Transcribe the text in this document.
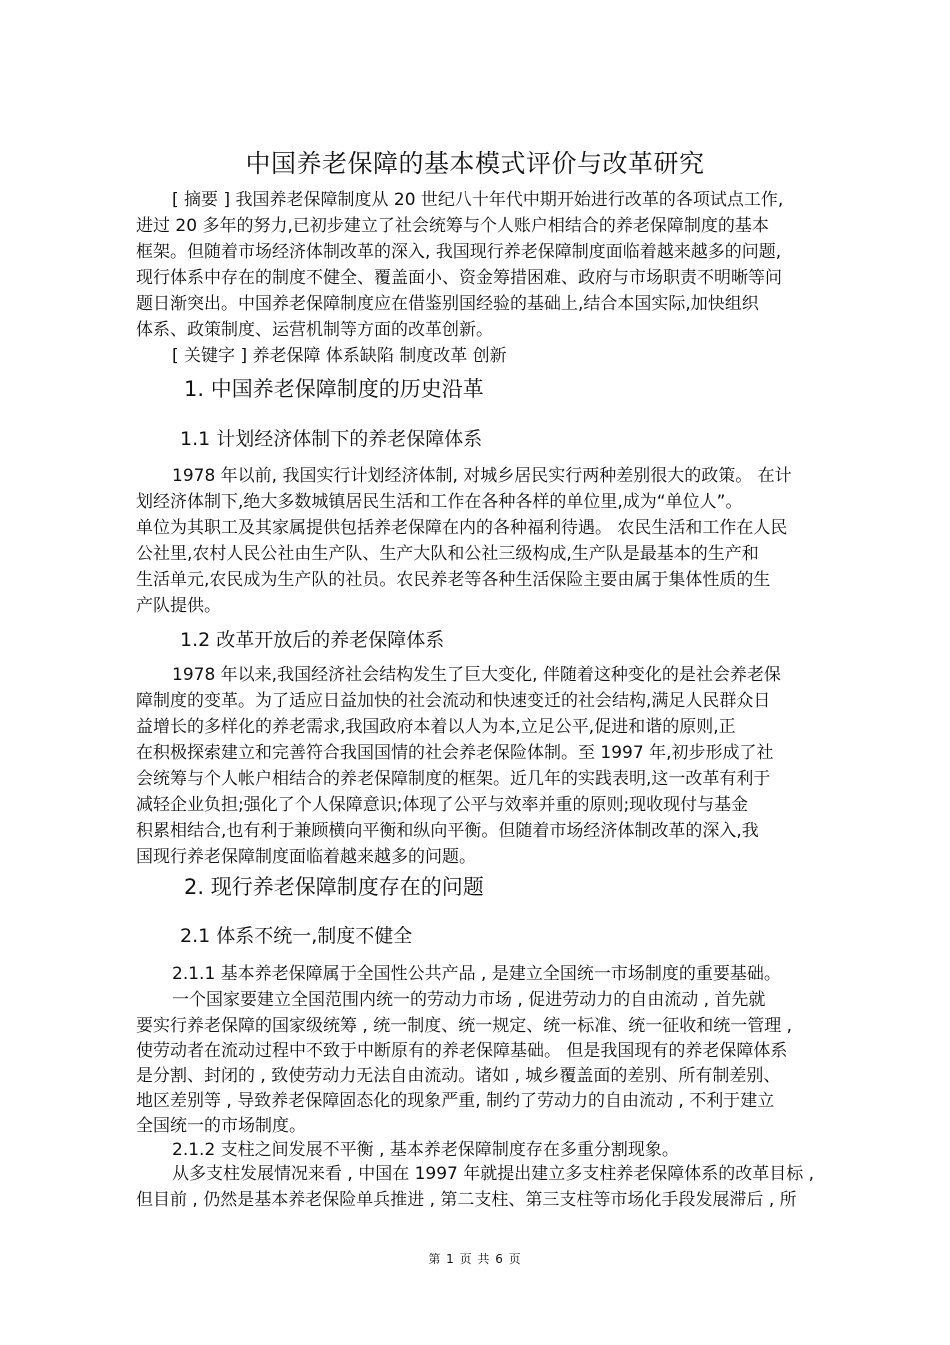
中国养老保障的基本模式评价与改革研究
[ 摘要 ] 我国养老保障制度从 20 世纪八十年代中期开始进行改革的各项试点工作,
进过 20 多年的努力,已初步建立了社会统筹与个人账户相结合的养老保障制度的基本
框架。但随着市场经济体制改革的深入, 我国现行养老保障制度面临着越来越多的问题,
现行体系中存在的制度不健全、覆盖面小、资金筹措困难、政府与市场职责不明晰等问
题日渐突出。中国养老保障制度应在借鉴别国经验的基础上,结合本国实际,加快组织
体系、政策制度、运营机制等方面的改革创新。
[ 关键字 ] 养老保障 体系缺陷 制度改革 创新
1. 中国养老保障制度的历史沿革
1.1 计划经济体制下的养老保障体系
1978 年以前, 我国实行计划经济体制, 对城乡居民实行两种差别很大的政策。 在计
划经济体制下,绝大多数城镇居民生活和工作在各种各样的单位里,成为“单位人”。
单位为其职工及其家属提供包括养老保障在内的各种福利待遇。 农民生活和工作在人民
公社里,农村人民公社由生产队、生产大队和公社三级构成,生产队是最基本的生产和
生活单元,农民成为生产队的社员。农民养老等各种生活保险主要由属于集体性质的生
产队提供。
1.2 改革开放后的养老保障体系
1978 年以来,我国经济社会结构发生了巨大变化, 伴随着这种变化的是社会养老保
障制度的变革。为了适应日益加快的社会流动和快速变迁的社会结构,满足人民群众日
益增长的多样化的养老需求,我国政府本着以人为本,立足公平,促进和谐的原则,正
在积极探索建立和完善符合我国国情的社会养老保险体制。至 1997 年,初步形成了社
会统筹与个人帐户相结合的养老保障制度的框架。近几年的实践表明,这一改革有利于
减轻企业负担;强化了个人保障意识;体现了公平与效率并重的原则;现收现付与基金
积累相结合,也有利于兼顾横向平衡和纵向平衡。但随着市场经济体制改革的深入,我
国现行养老保障制度面临着越来越多的问题。
2. 现行养老保障制度存在的问题
2.1 体系不统一,制度不健全
2.1.1 基本养老保障属于全国性公共产品 , 是建立全国统一市场制度的重要基础。
一个国家要建立全国范围内统一的劳动力市场 , 促进劳动力的自由流动 , 首先就
要实行养老保障的国家级统筹 , 统一制度、统一规定、统一标准、统一征收和统一管理 ,
使劳动者在流动过程中不致于中断原有的养老保障基础。 但是我国现有的养老保障体系
是分割、封闭的 , 致使劳动力无法自由流动。诸如 , 城乡覆盖面的差别、所有制差别、
地区差别等 , 导致养老保障固态化的现象严重, 制约了劳动力的自由流动 , 不利于建立
全国统一的市场制度。
2.1.2 支柱之间发展不平衡 , 基本养老保障制度存在多重分割现象。
从多支柱发展情况来看 , 中国在 1997 年就提出建立多支柱养老保障体系的改革目标 ,
但目前 , 仍然是基本养老保险单兵推进 , 第二支柱、第三支柱等市场化手段发展滞后 , 所
第 1 页 共 6 页
